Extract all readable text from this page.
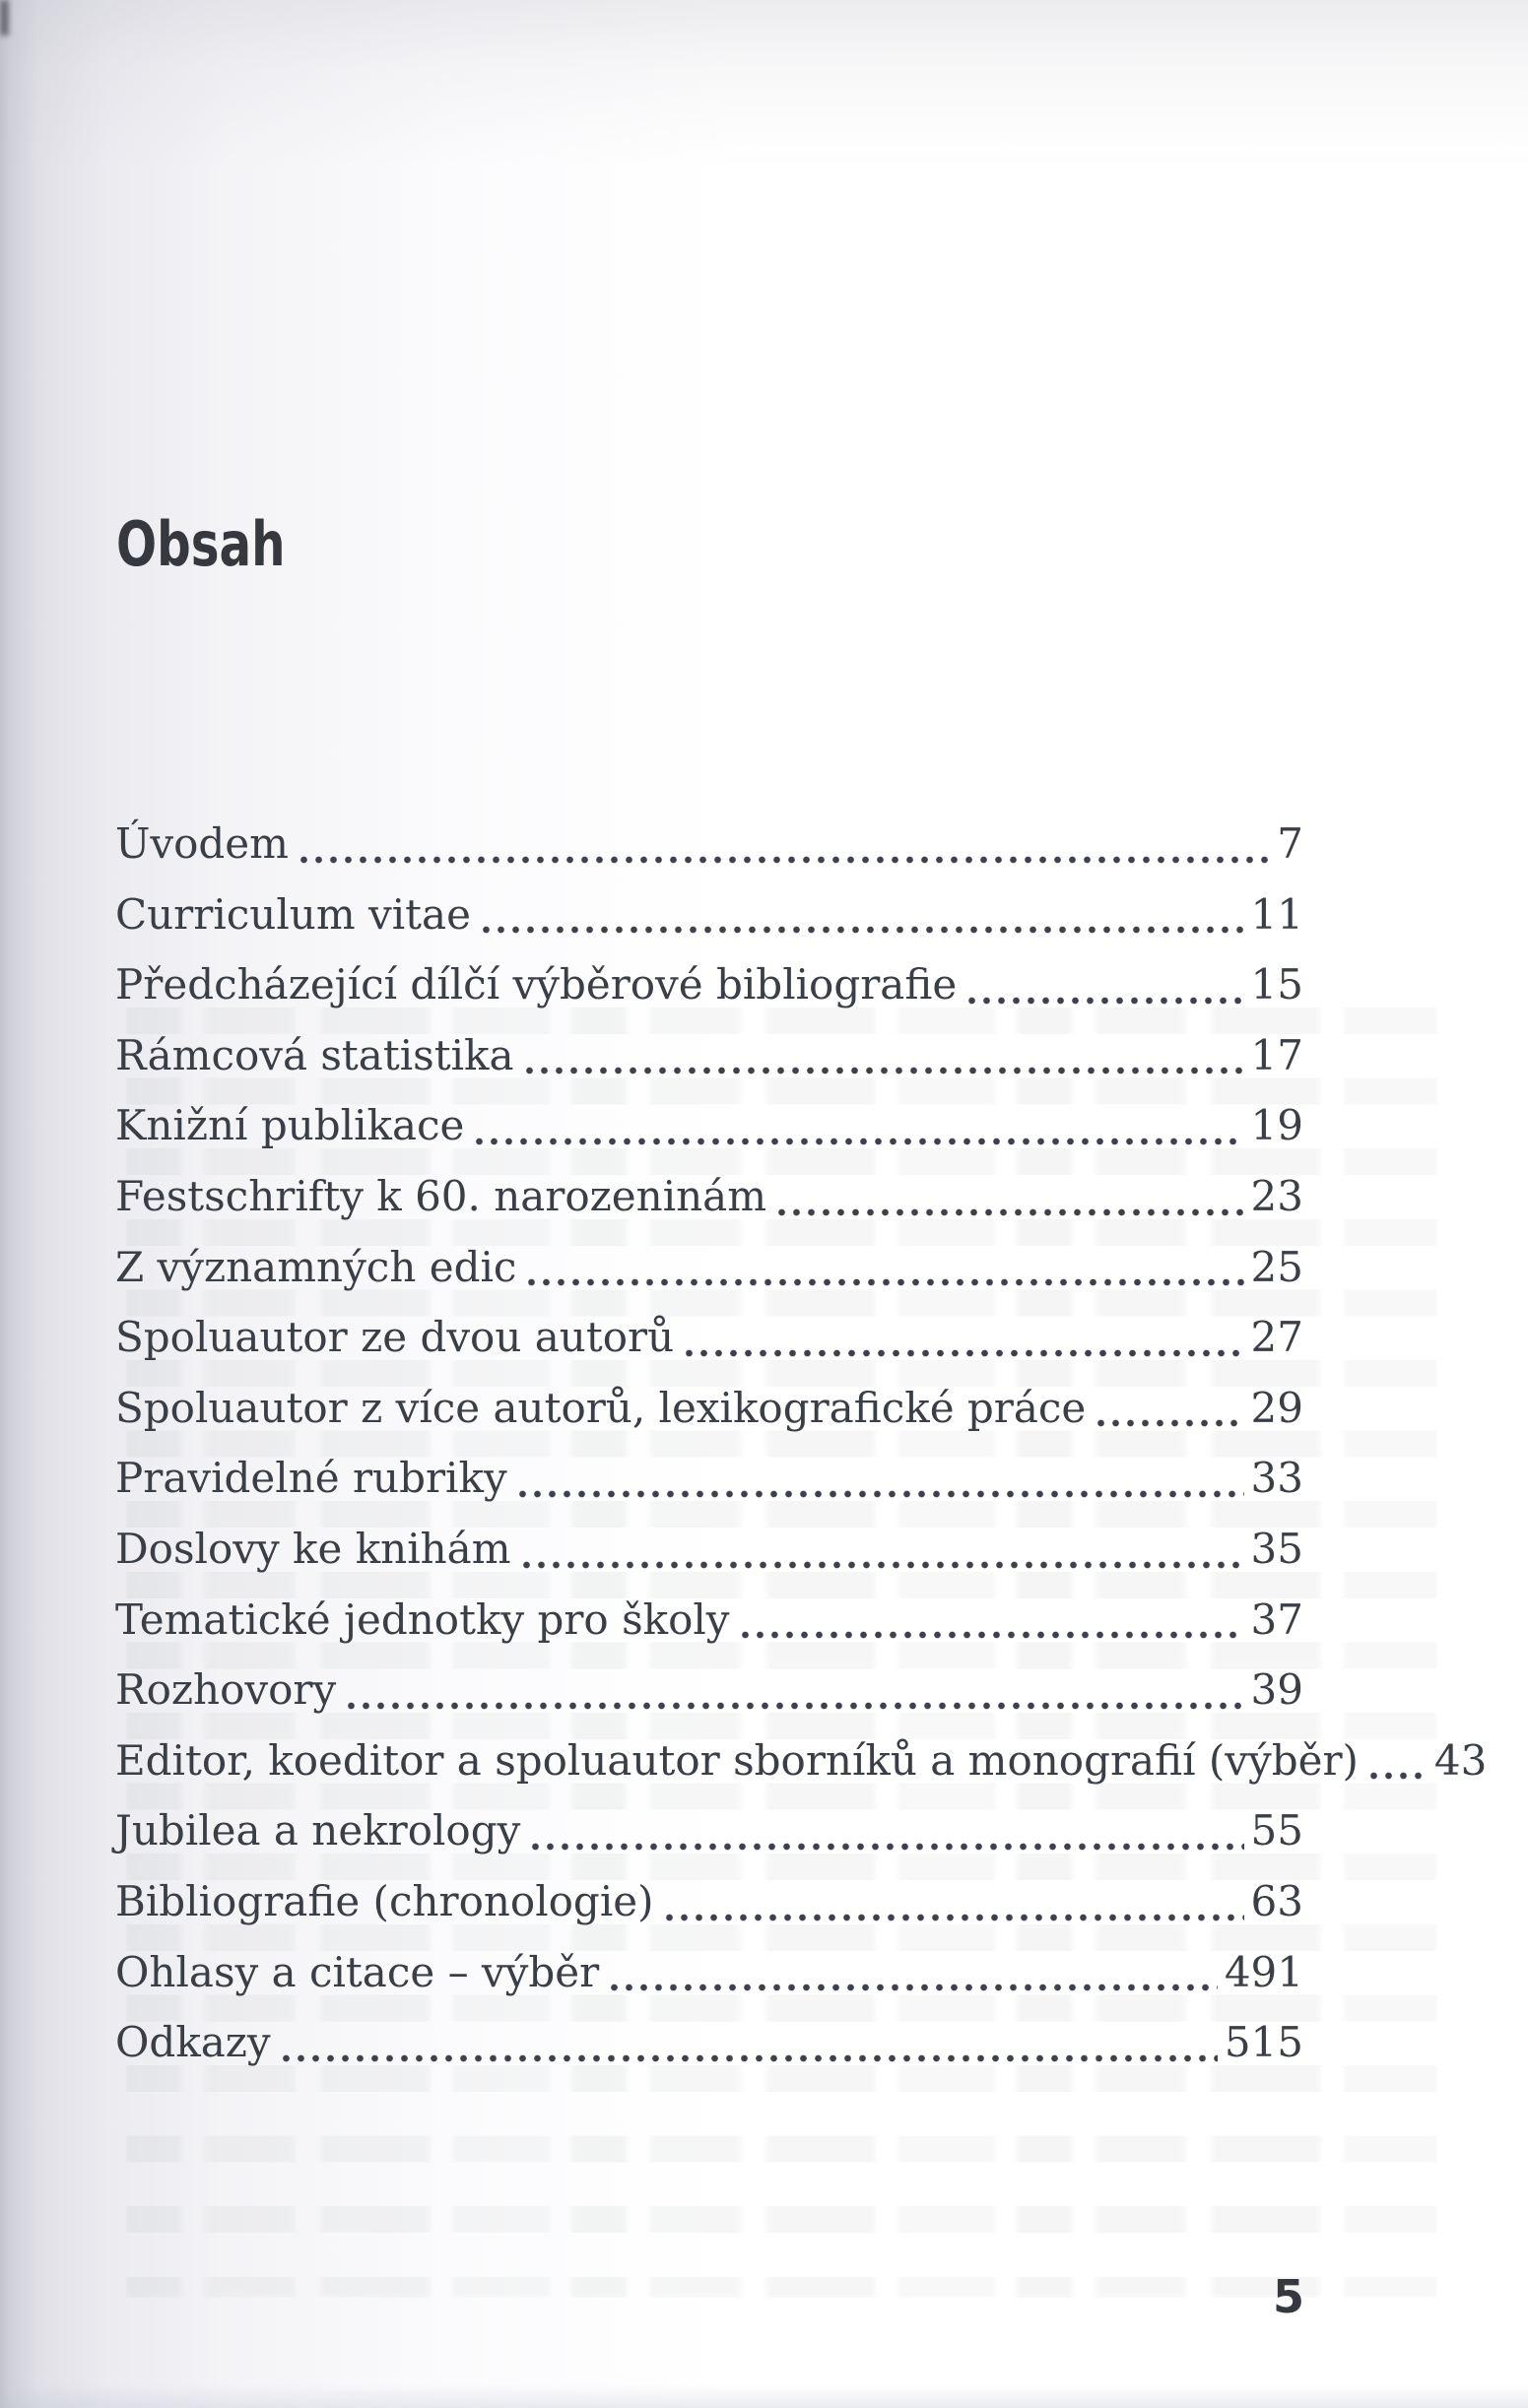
Obsah
Úvodem	7
Curriculum vitae	11
Předcházející dílčí výběrové bibliografie	15
Rámcová statistika	17
Knižní publikace	19
Festschrifty k 60. narozeninám	23
Z významných edic	25
Spoluautor ze dvou autorů	27
Spoluautor z více autorů, lexikografické práce	29
Pravidelné rubriky	33
Doslovy ke knihám	35
Tematické jednotky pro školy	37
Rozhovory	39
Editor, koeditor a spoluautor sborníků a monografií (výběr) 43
Jubilea a nekrology	55
Bibliografie (chronologie)	63
Ohlasy a citace – výběr	491
Odkazy	515
5
